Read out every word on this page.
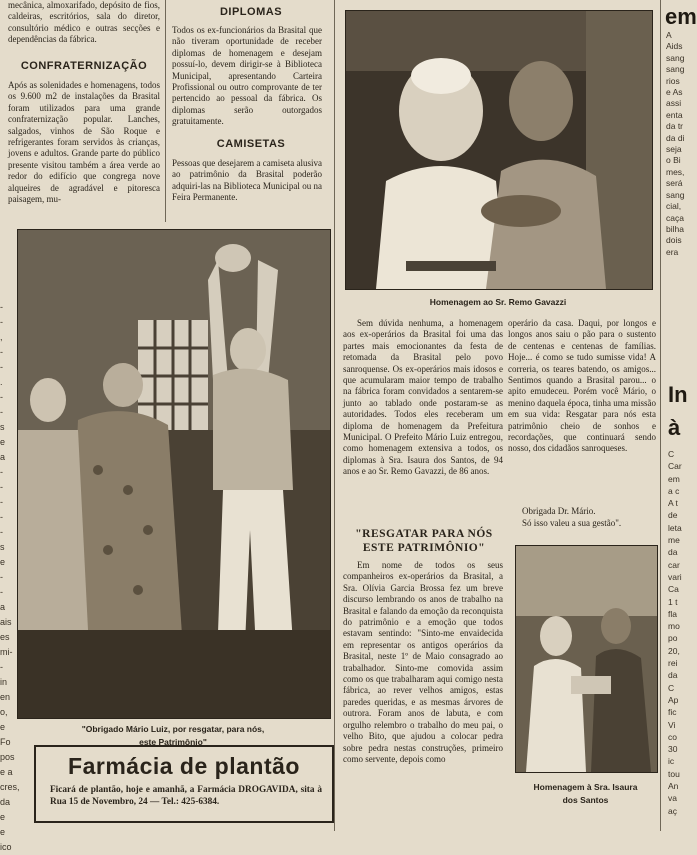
-
-
,
-
-
.
-
-
s
e
a
-
-
-
-
-
s
e
-
-
a
ais
es
mi-
-
in
en
o,
e
Fo
pos
e a
cres,
da
e
e
ico
mecânica, almoxarifado, depósito de fios, caldeiras, escritórios, sala do diretor, consultório médico e outras secções e dependências da fábrica.
CONFRATERNIZAÇÃO
Após as solenidades e homenagens, todos os 9.600 m2 de instalações da Brasital foram utilizados para uma grande confraternização popular. Lanches, salgados, vinhos de São Roque e refrigerantes foram servidos às crianças, jovens e adultos. Grande parte do público presente visitou também a área verde ao redor do edifício que congrega nove alqueires de agradável e pitoresca paisagem, mu-
DIPLOMAS
Todos os ex-funcionários da Brasital que não tiveram oportunidade de receber diplomas de homenagem e desejam possuí-lo, devem dirigir-se à Biblioteca Municipal, apresentando Carteira Profissional ou outro comprovante de ter pertencido ao pessoal da fábrica. Os diplomas serão outorgados gratuitamente.
CAMISETAS
Pessoas que desejarem a camiseta alusiva ao patrimônio da Brasital poderão adquiri-las na Biblioteca Municipal ou na Feira Permanente.
Homenagem ao Sr. Remo Gavazzi
"Obrigado Mário Luiz, por resgatar, para nós,
este Patrimônio"
Sem dúvida nenhuma, a homenagem aos ex-operários da Brasital foi uma das partes mais emocionantes da festa de retomada da Brasital pelo povo sanroquense. Os ex-operários mais idosos e que acumularam maior tempo de trabalho na fábrica foram convidados a sentarem-se junto ao tablado onde postaram-se as autoridades. Todos eles receberam um diploma de homenagem da Prefeitura Municipal. O Prefeito Mário Luiz entregou, como homenagem extensiva a todos, os diplomas à Sra. Isaura dos Santos, de 94 anos e ao Sr. Remo Gavazzi, de 86 anos.
operário da casa. Daqui, por longos e longos anos saiu o pão para o sustento de centenas e centenas de famílias. Hoje... é como se tudo sumisse vida! A correria, os teares batendo, os amigos... Sentimos quando a Brasital parou... o apito emudeceu. Porém você Mário, o menino daquela época, tinha uma missão em sua vida: Resgatar para nós esta patrimônio cheio de sonhos e recordações, que continuará sendo nosso, dos cidadãos sanroqueses.
Obrigada Dr. Mário.
Só isso valeu a sua gestão".
"RESGATAR PARA NÓS
ESTE PATRIMÔNIO"
Em nome de todos os seus companheiros ex-operários da Brasital, a Sra. Olívia Garcia Brossa fez um breve discurso lembrando os anos de trabalho na Brasital e falando da emoção da reconquista do patrimônio e a emoção que todos estavam sentindo: "Sinto-me envaidecida em representar os antigos operários da Brasital, neste 1º de Maio consagrado ao trabalhador. Sinto-me comovida assim como os que trabalharam aqui comigo nesta fábrica, ao rever velhos amigos, estas paredes queridas, e as mesmas árvores de outrora. Foram anos de labuta, e com orgulho relembro o trabalho do meu pai, o velho Bito, que ajudou a colocar pedra sobre pedra nestas construções, primeiro como servente, depois como
Homenagem à Sra. Isaura
dos Santos
Farmácia de plantão
Ficará de plantão, hoje e amanhã, a Farmácia DROGAVIDA, sita à Rua 15 de Novembro, 24 — Tel.: 425-6384.
em
A
Aids
sang
sang
rios
e As
assi
enta
da tr
da di
seja
o Bi
mes,
será
sang
cial,
caça
bilha
dois
era
In
à
C
Car
em
a c
A t
de
leta
me
da
car
vari
Ca
1 t
fla
mo
po
20,
rei
da
C
Ap
fic
Vi
co
30
ic
tou
An
va
aç
